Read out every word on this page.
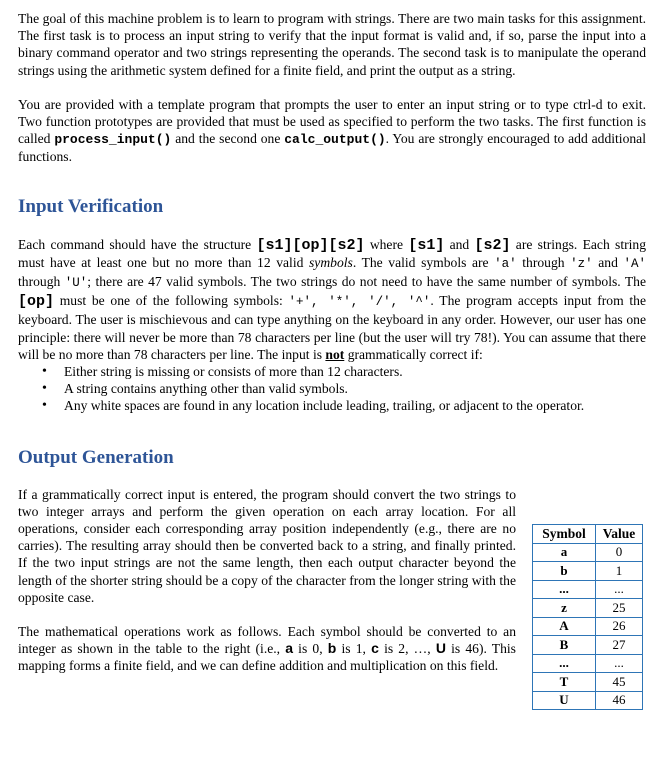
The goal of this machine problem is to learn to program with strings. There are two main tasks for this assignment. The first task is to process an input string to verify that the input format is valid and, if so, parse the input into a binary command operator and two strings representing the operands. The second task is to manipulate the operand strings using the arithmetic system defined for a finite field, and print the output as a string.

You are provided with a template program that prompts the user to enter an input string or to type ctrl-d to exit. Two function prototypes are provided that must be used as specified to perform the two tasks. The first function is called process_input() and the second one calc_output(). You are strongly encouraged to add additional functions.

Input Verification

Each command should have the structure [s1][op][s2] where [s1] and [s2] are strings. Each string must have at least one but no more than 12 valid symbols. The valid symbols are 'a' through 'z' and 'A' through 'U'; there are 47 valid symbols. The two strings do not need to have the same number of symbols. The [op] must be one of the following symbols: '+', '*', '/', '^'. The program accepts input from the keyboard. The user is mischievous and can type anything on the keyboard in any order. However, our user has one principle: there will never be more than 78 characters per line (but the user will try 78!). You can assume that there will be no more than 78 characters per line. The input is not grammatically correct if:

• Either string is missing or consists of more than 12 characters.
• A string contains anything other than valid symbols.
• Any white spaces are found in any location include leading, trailing, or adjacent to the operator.
Output Generation

If a grammatically correct input is entered, the program should convert the two strings to two integer arrays and perform the given operation on each array location. For all operations, consider each corresponding array position independently (e.g., there are no carries). The resulting array should then be converted back to a string, and finally printed. If the two input strings are not the same length, then each output character beyond the length of the shorter string should be a copy of the character from the longer string with the opposite case.

The mathematical operations work as follows. Each symbol should be converted to an integer as shown in the table to the right (i.e., a is 0, b is 1, c is 2, …, U is 46). This mapping forms a finite field, and we can define addition and multiplication on this field.

Symbol	Value
a	0
b	1
...	...
z	25
A	26
B	27
...	...
T	45
U	46
